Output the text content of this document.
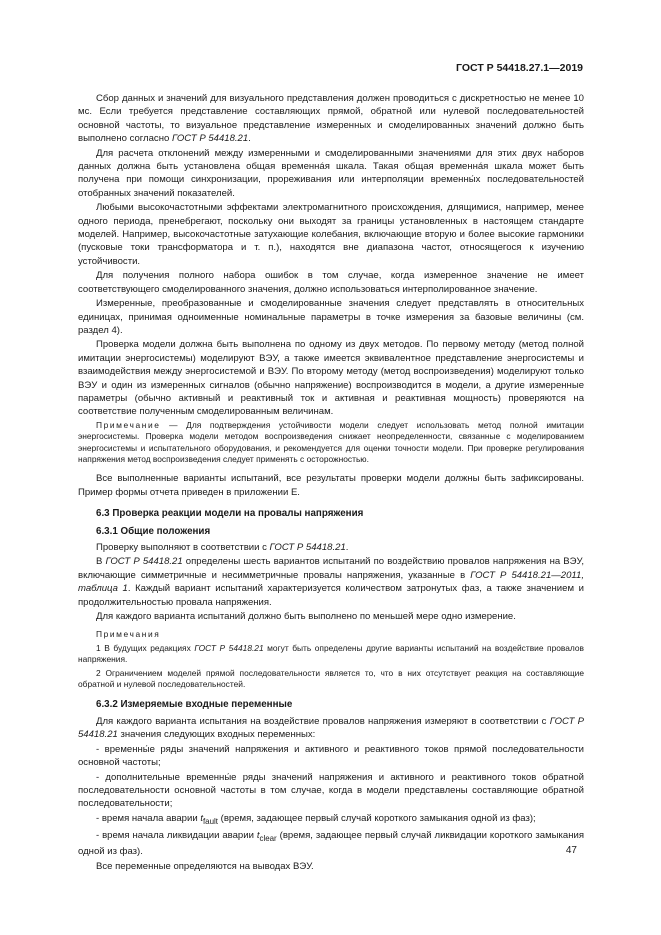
ГОСТ Р 54418.27.1—2019

Сбор данных и значений для визуального представления должен проводиться с дискретностью не менее 10 мс. Если требуется представление составляющих прямой, обратной или нулевой последовательностей основной частоты, то визуальное представление измеренных и смоделированных значений должно быть выполнено согласно ГОСТ Р 54418.21.

Для расчета отклонений между измеренными и смоделированными значениями для этих двух наборов данных должна быть установлена общая временнáя шкала. Такая общая временнáя шкала может быть получена при помощи синхронизации, прореживания или интерполяции временны́х последовательностей отобранных значений показателей.

Любыми высокочастотными эффектами электромагнитного происхождения, длящимися, например, менее одного периода, пренебрегают, поскольку они выходят за границы установленных в настоящем стандарте моделей. Например, высокочастотные затухающие колебания, включающие вторую и более высокие гармоники (пусковые токи трансформатора и т. п.), находятся вне диапазона частот, относящегося к изучению устойчивости.

Для получения полного набора ошибок в том случае, когда измеренное значение не имеет соответствующего смоделированного значения, должно использоваться интерполированное значение.

Измеренные, преобразованные и смоделированные значения следует представлять в относительных единицах, принимая одноименные номинальные параметры в точке измерения за базовые величины (см. раздел 4).

Проверка модели должна быть выполнена по одному из двух методов. По первому методу (метод полной имитации энергосистемы) моделируют ВЭУ, а также имеется эквивалентное представление энергосистемы и взаимодействия между энергосистемой и ВЭУ. По второму методу (метод воспроизведения) моделируют только ВЭУ и один из измеренных сигналов (обычно напряжение) воспроизводится в модели, а другие измеренные параметры (обычно активный и реактивный ток и активная и реактивная мощность) проверяются на соответствие полученным смоделированным величинам.

Примечание — Для подтверждения устойчивости модели следует использовать метод полной имитации энергосистемы. Проверка модели методом воспроизведения снижает неопределенности, связанные с моделированием энергосистемы и испытательного оборудования, и рекомендуется для оценки точности модели. При проверке регулирования напряжения метод воспроизведения следует применять с осторожностью.

Все выполненные варианты испытаний, все результаты проверки модели должны быть зафиксированы. Пример формы отчета приведен в приложении Е.

6.3 Проверка реакции модели на провалы напряжения
6.3.1 Общие положения

Проверку выполняют в соответствии с ГОСТ Р 54418.21.

В ГОСТ Р 54418.21 определены шесть вариантов испытаний по воздействию провалов напряжения на ВЭУ, включающие симметричные и несимметричные провалы напряжения, указанные в ГОСТ Р 54418.21—2011, таблица 1. Каждый вариант испытаний характеризуется количеством затронутых фаз, а также значением и продолжительностью провала напряжения.

Для каждого варианта испытаний должно быть выполнено по меньшей мере одно измерение.

Примечания

1 В будущих редакциях ГОСТ Р 54418.21 могут быть определены другие варианты испытаний на воздействие провалов напряжения.

2 Ограничением моделей прямой последовательности является то, что в них отсутствует реакция на составляющие обратной и нулевой последовательностей.

6.3.2 Измеряемые входные переменные

Для каждого варианта испытания на воздействие провалов напряжения измеряют в соответствии с ГОСТ Р 54418.21 значения следующих входных переменных:

- временны́е ряды значений напряжения и активного и реактивного токов прямой последовательности основной частоты;

- дополнительные временны́е ряды значений напряжения и активного и реактивного токов обратной последовательности основной частоты в том случае, когда в модели представлены составляющие обратной последовательности;

- время начала аварии $t_{fault}$ (время, задающее первый случай короткого замыкания одной из фаз);

- время начала ликвидации аварии $t_{clear}$ (время, задающее первый случай ликвидации короткого замыкания одной из фаз).

Все переменные определяются на выводах ВЭУ.

47
